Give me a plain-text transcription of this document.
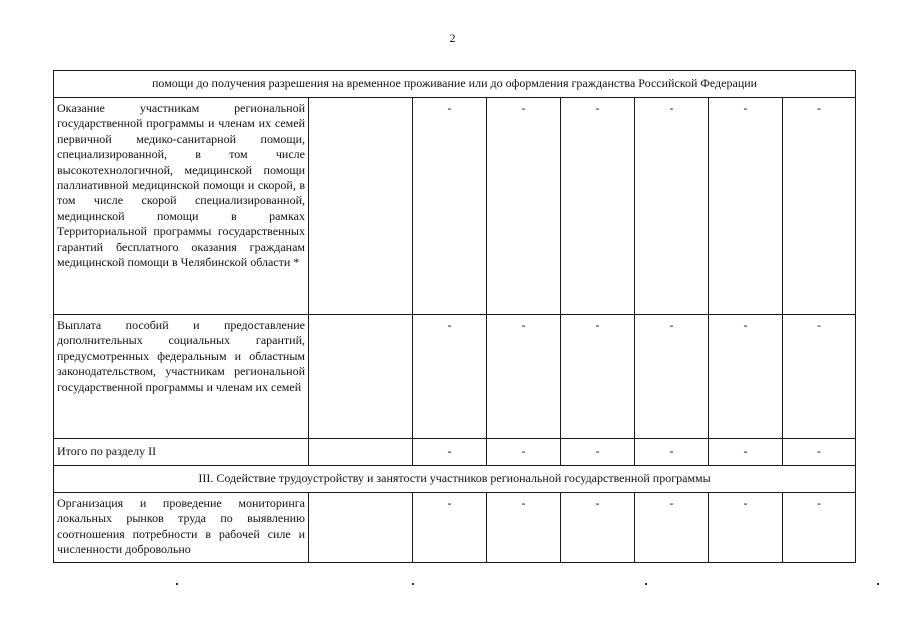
2
помощи до получения разрешения на временное проживание или до оформления гражданства Российской Федерации							
Оказание участникам региональной государственной программы и членам их семей первичной медико-санитарной помощи, специализированной, в том числе высокотехнологичной, медицинской помощи паллиативной медицинской помощи и скорой, в том числе скорой специализированной, медицинской помощи в рамках Территориальной программы государственных гарантий бесплатного оказания гражданам медицинской помощи в Челябинской области *		-	-	-	-	-	-
Выплата пособий и предоставление дополнительных социальных гарантий, предусмотренных федеральным и областным законодательством, участникам региональной государственной программы и членам их семей		-	-	-	-	-	-
Итого по разделу II		-	-	-	-	-	-
III. Содействие трудоустройству и занятости участников региональной государственной программы							
Организация и проведение мониторинга локальных рынков труда по выявлению соотношения потребности в рабочей силе и численности добровольно		-	-	-	-	-	-
